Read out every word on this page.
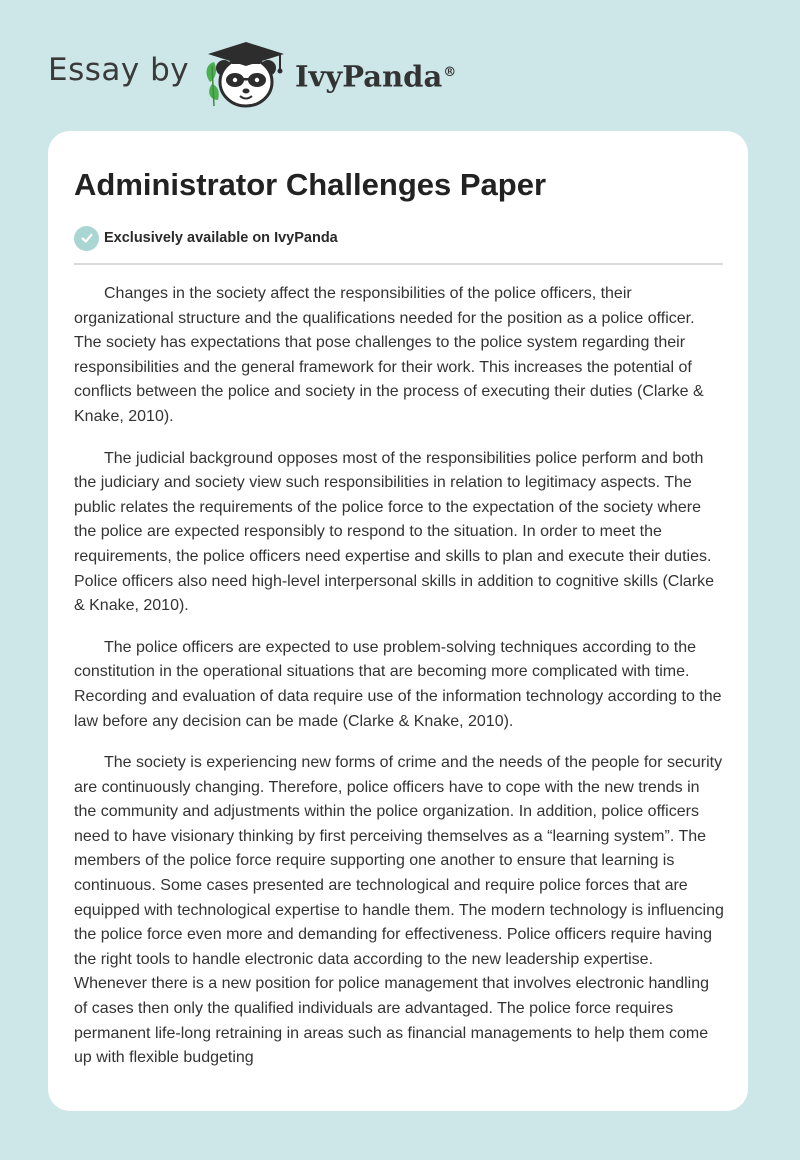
Essay by	IvyPanda®
Administrator Challenges Paper
Exclusively available on IvyPanda

Changes in the society affect the responsibilities of the police officers, their organizational structure and the qualifications needed for the position as a police officer. The society has expectations that pose challenges to the police system regarding their responsibilities and the general framework for their work. This increases the potential of conflicts between the police and society in the process of executing their duties (Clarke & Knake, 2010).

The judicial background opposes most of the responsibilities police perform and both the judiciary and society view such responsibilities in relation to legitimacy aspects. The public relates the requirements of the police force to the expectation of the society where the police are expected responsibly to respond to the situation. In order to meet the requirements, the police officers need expertise and skills to plan and execute their duties. Police officers also need high-level interpersonal skills in addition to cognitive skills (Clarke & Knake, 2010).

The police officers are expected to use problem-solving techniques according to the constitution in the operational situations that are becoming more complicated with time. Recording and evaluation of data require use of the information technology according to the law before any decision can be made (Clarke & Knake, 2010).

The society is experiencing new forms of crime and the needs of the people for security are continuously changing. Therefore, police officers have to cope with the new trends in the community and adjustments within the police organization. In addition, police officers need to have visionary thinking by first perceiving themselves as a “learning system”. The members of the police force require supporting one another to ensure that learning is continuous. Some cases presented are technological and require police forces that are equipped with technological expertise to handle them. The modern technology is influencing the police force even more and demanding for effectiveness. Police officers require having the right tools to handle electronic data according to the new leadership expertise. Whenever there is a new position for police management that involves electronic handling of cases then only the qualified individuals are advantaged. The police force requires permanent life-long retraining in areas such as financial managements to help them come up with flexible budgeting
